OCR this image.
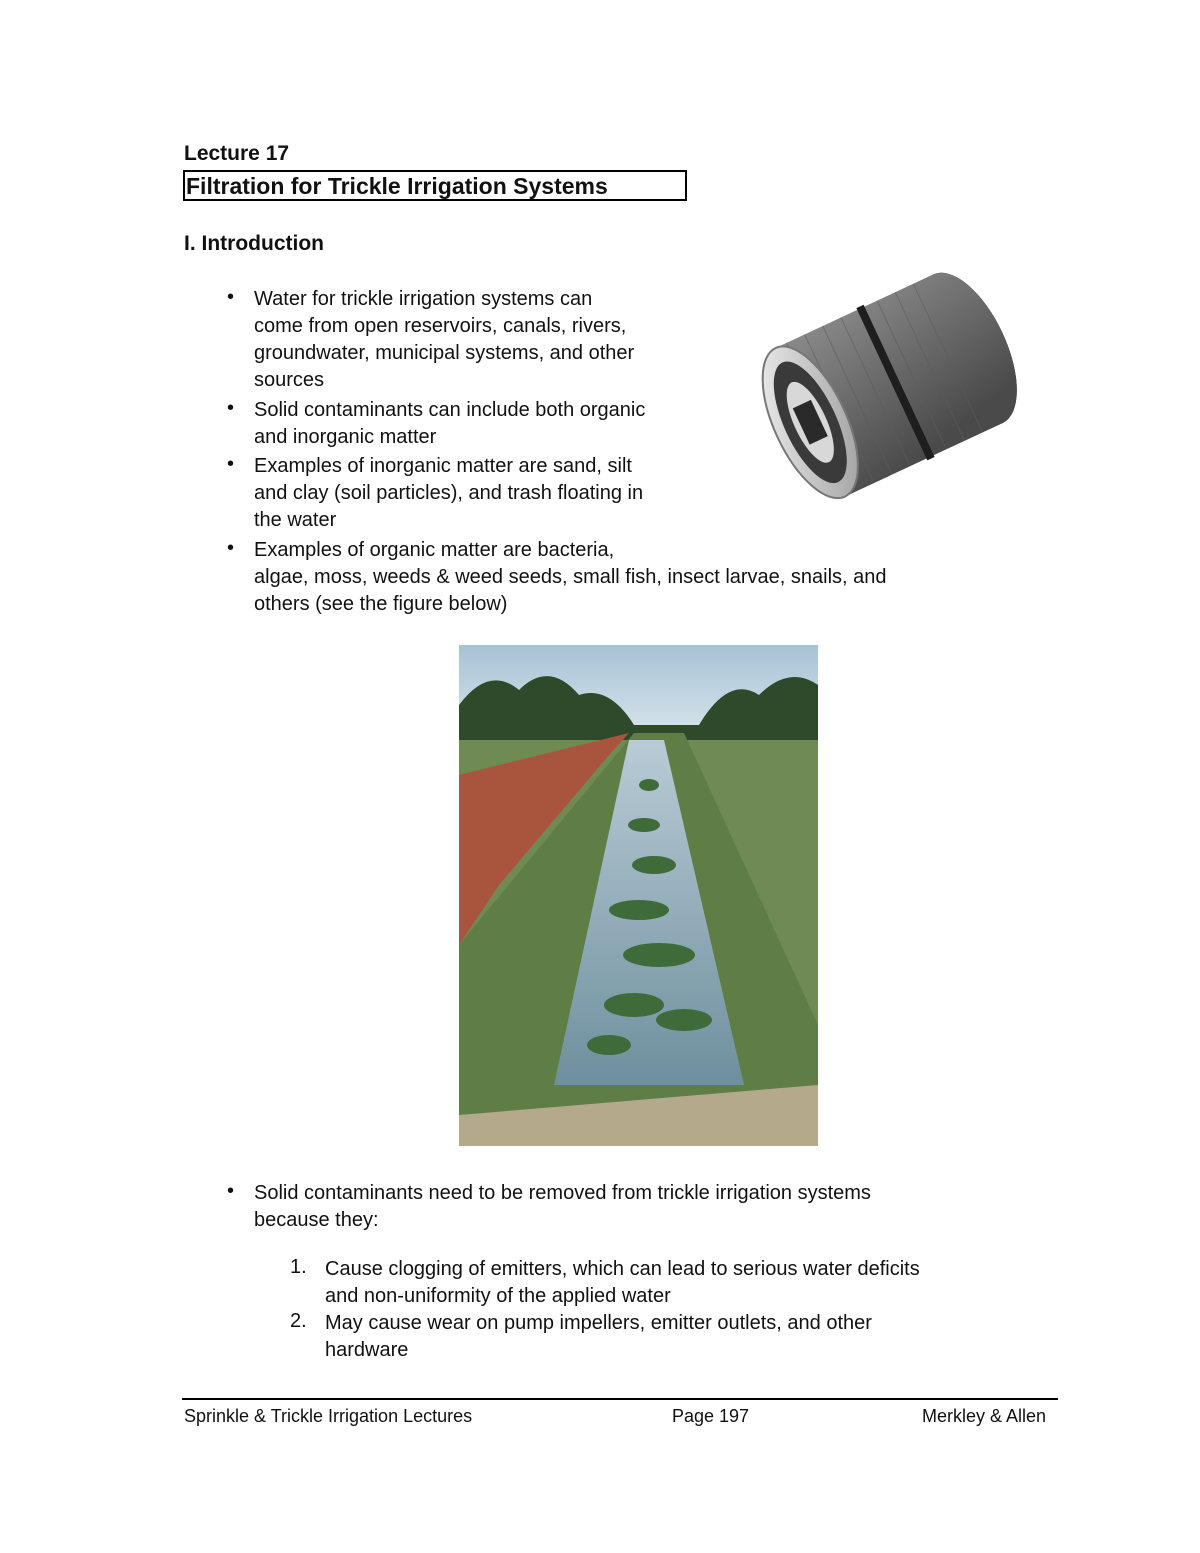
Lecture 17
Filtration for Trickle Irrigation Systems
I. Introduction
• Water for trickle irrigation systems can
come from open reservoirs, canals, rivers,
groundwater, municipal systems, and other
sources
• Solid contaminants can include both organic
and inorganic matter
• Examples of inorganic matter are sand, silt
and clay (soil particles), and trash floating in
the water
• Examples of organic matter are bacteria,
algae, moss, weeds & weed seeds, small fish, insect larvae, snails, and
others (see the figure below)
• Solid contaminants need to be removed from trickle irrigation systems
because they:
1. Cause clogging of emitters, which can lead to serious water deficits
and non-uniformity of the applied water
2. May cause wear on pump impellers, emitter outlets, and other
hardware
Sprinkle & Trickle Irrigation Lectures	Page 197	Merkley & Allen
